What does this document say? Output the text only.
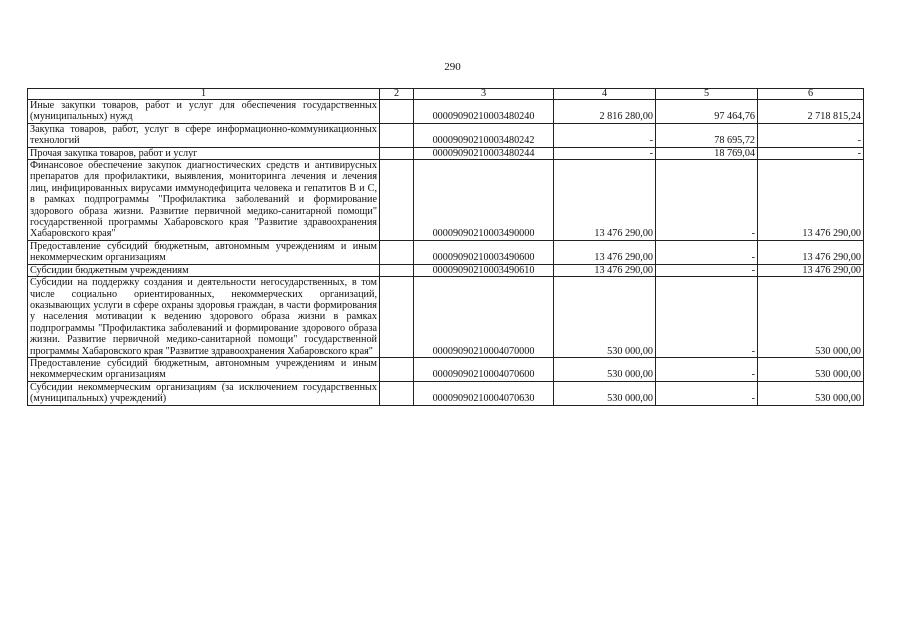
290
1	2	3	4	5	6
Иные закупки товаров, работ и услуг для обеспечения государственных (муниципальных) нужд		00009090210003480240	2 816 280,00	97 464,76	2 718 815,24
Закупка товаров, работ, услуг в сфере информационно-коммуникационных технологий		00009090210003480242	-	78 695,72	-
Прочая закупка товаров, работ и услуг		00009090210003480244	-	18 769,04	-
Финансовое обеспечение закупок диагностических средств и антивирусных препаратов для профилактики, выявления, мониторинга лечения и лечения лиц, инфицированных вирусами иммунодефицита человека и гепатитов В и С, в рамках подпрограммы "Профилактика заболеваний и формирование здорового образа жизни. Развитие первичной медико-санитарной помощи" государственной программы Хабаровского края "Развитие здравоохранения Хабаровского края"		00009090210003490000	13 476 290,00	-	13 476 290,00
Предоставление субсидий бюджетным, автономным учреждениям и иным некоммерческим организациям		00009090210003490600	13 476 290,00	-	13 476 290,00
Субсидии бюджетным учреждениям		00009090210003490610	13 476 290,00	-	13 476 290,00
Субсидии на поддержку создания и деятельности негосударственных, в том числе социально ориентированных, некоммерческих организаций, оказывающих услуги в сфере охраны здоровья граждан, в части формирования у населения мотивации к ведению здорового образа жизни в рамках подпрограммы "Профилактика заболеваний и формирование здорового образа жизни. Развитие первичной медико-санитарной помощи" государственной программы Хабаровского края "Развитие здравоохранения Хабаровского края"		00009090210004070000	530 000,00	-	530 000,00
Предоставление субсидий бюджетным, автономным учреждениям и иным некоммерческим организациям		00009090210004070600	530 000,00	-	530 000,00
Субсидии некоммерческим организациям (за исключением государственных (муниципальных) учреждений)		00009090210004070630	530 000,00	-	530 000,00
